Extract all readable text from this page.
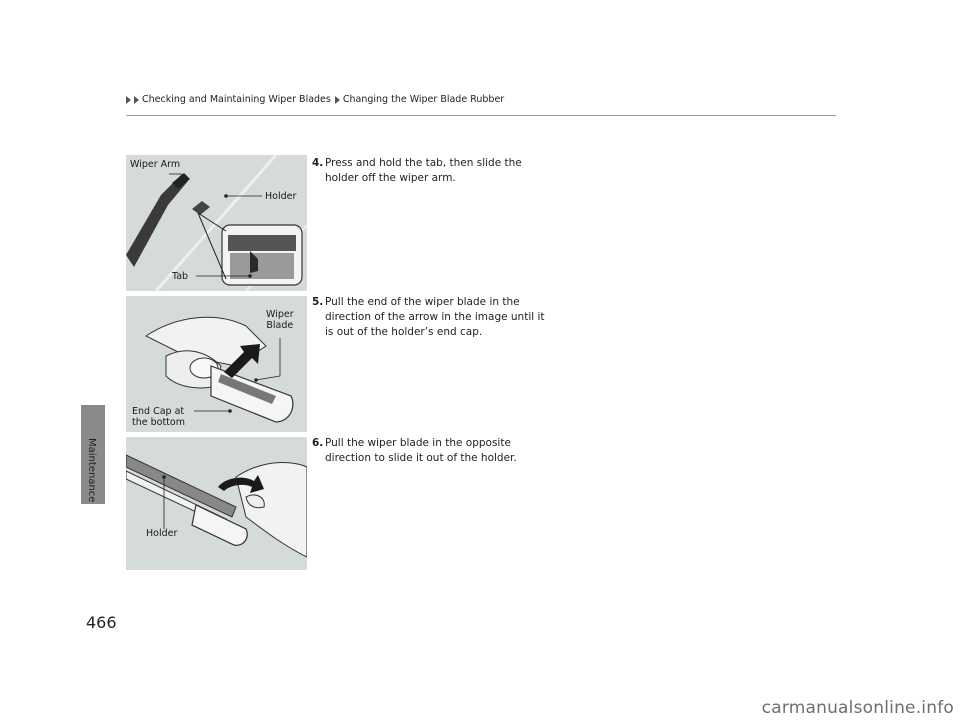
Checking and Maintaining Wiper Blades Changing the Wiper Blade Rubber
Maintenance
466
Wiper Arm
Holder
Tab
Wiper
Blade
End Cap at
the bottom
Holder
4. Press and hold the tab, then slide the
holder off the wiper arm.
5. Pull the end of the wiper blade in the
direction of the arrow in the image until it
is out of the holder’s end cap.
6. Pull the wiper blade in the opposite
direction to slide it out of the holder.
carmanualsonline.info
